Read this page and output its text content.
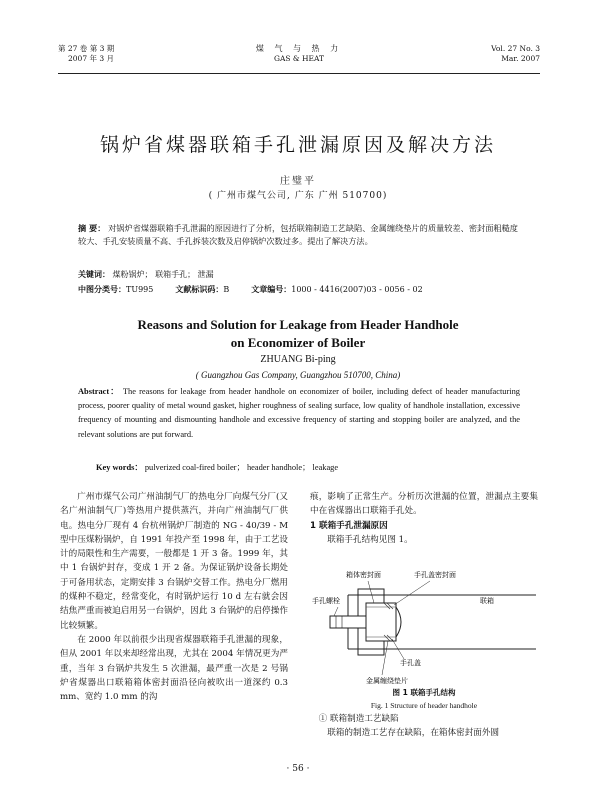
第 27 卷 第 3 期
2007 年 3 月
煤 气 与 热 力
GAS & HEAT
Vol. 27 No. 3
Mar. 2007
锅炉省煤器联箱手孔泄漏原因及解决方法
庄璧平
( 广州市煤气公司, 广东 广州 510700)
摘 要： 对锅炉省煤器联箱手孔泄漏的原因进行了分析，包括联箱制造工艺缺陷、金属缠绕垫片的质量较差、密封面粗糙度较大、手孔安装质量不高、手孔拆装次数及启停锅炉次数过多。提出了解决方法。
关键词： 煤粉锅炉； 联箱手孔； 泄漏
中图分类号：TU995	文献标识码：B	文章编号：1000 - 4416(2007)03 - 0056 - 02
Reasons and Solution for Leakage from Header Handhole
on Economizer of Boiler
ZHUANG Bi-ping
( Guangzhou Gas Company, Guangzhou 510700, China)
Abstract： The reasons for leakage from header handhole on economizer of boiler, including defect of header manufacturing process, poorer quality of metal wound gasket, higher roughness of sealing surface, low quality of handhole installation, excessive frequency of mounting and dismounting handhole and excessive frequency of starting and stopping boiler are analyzed, and the relevant solutions are put forward.
Key words： pulverized coal-fired boiler； header handhole； leakage

广州市煤气公司广州油制气厂的热电分厂向煤气分厂(又名广州油制气厂)等热用户提供蒸汽，并向广州油制气厂供电。热电分厂现有 4 台杭州锅炉厂制造的 NG - 40/39 - M 型中压煤粉锅炉，自 1991 年投产至 1998 年，由于工艺设计的局限性和生产需要，一般都是 1 开 3 备。1999 年，其中 1 台锅炉封存，变成 1 开 2 备。为保证锅炉设备长期处于可备用状态，定期安排 3 台锅炉交替工作。热电分厂燃用的煤种不稳定，经常变化，有时锅炉运行 10 d 左右就会因结焦严重而被迫启用另一台锅炉，因此 3 台锅炉的启停操作比较频繁。

在 2000 年以前很少出现省煤器联箱手孔泄漏的现象，但从 2001 年以来却经常出现，尤其在 2004 年情况更为严重，当年 3 台锅炉共发生 5 次泄漏，最严重一次是 2 号锅炉省煤器出口联箱箱体密封面沿径向被吹出一道深约 0.3 mm、宽约 1.0 mm 的沟

痕，影响了正常生产。分析历次泄漏的位置，泄漏点主要集中在省煤器出口联箱手孔处。

1 联箱手孔泄漏原因

联箱手孔结构见图 1。

箱体密封面	手孔盖密封面
手孔螺栓	联箱
手孔盖
金属缠绕垫片
图 1 联箱手孔结构
Fig. 1 Structure of header handhole

① 联箱制造工艺缺陷

联箱的制造工艺存在缺陷，在箱体密封面外圆

· 56 ·
